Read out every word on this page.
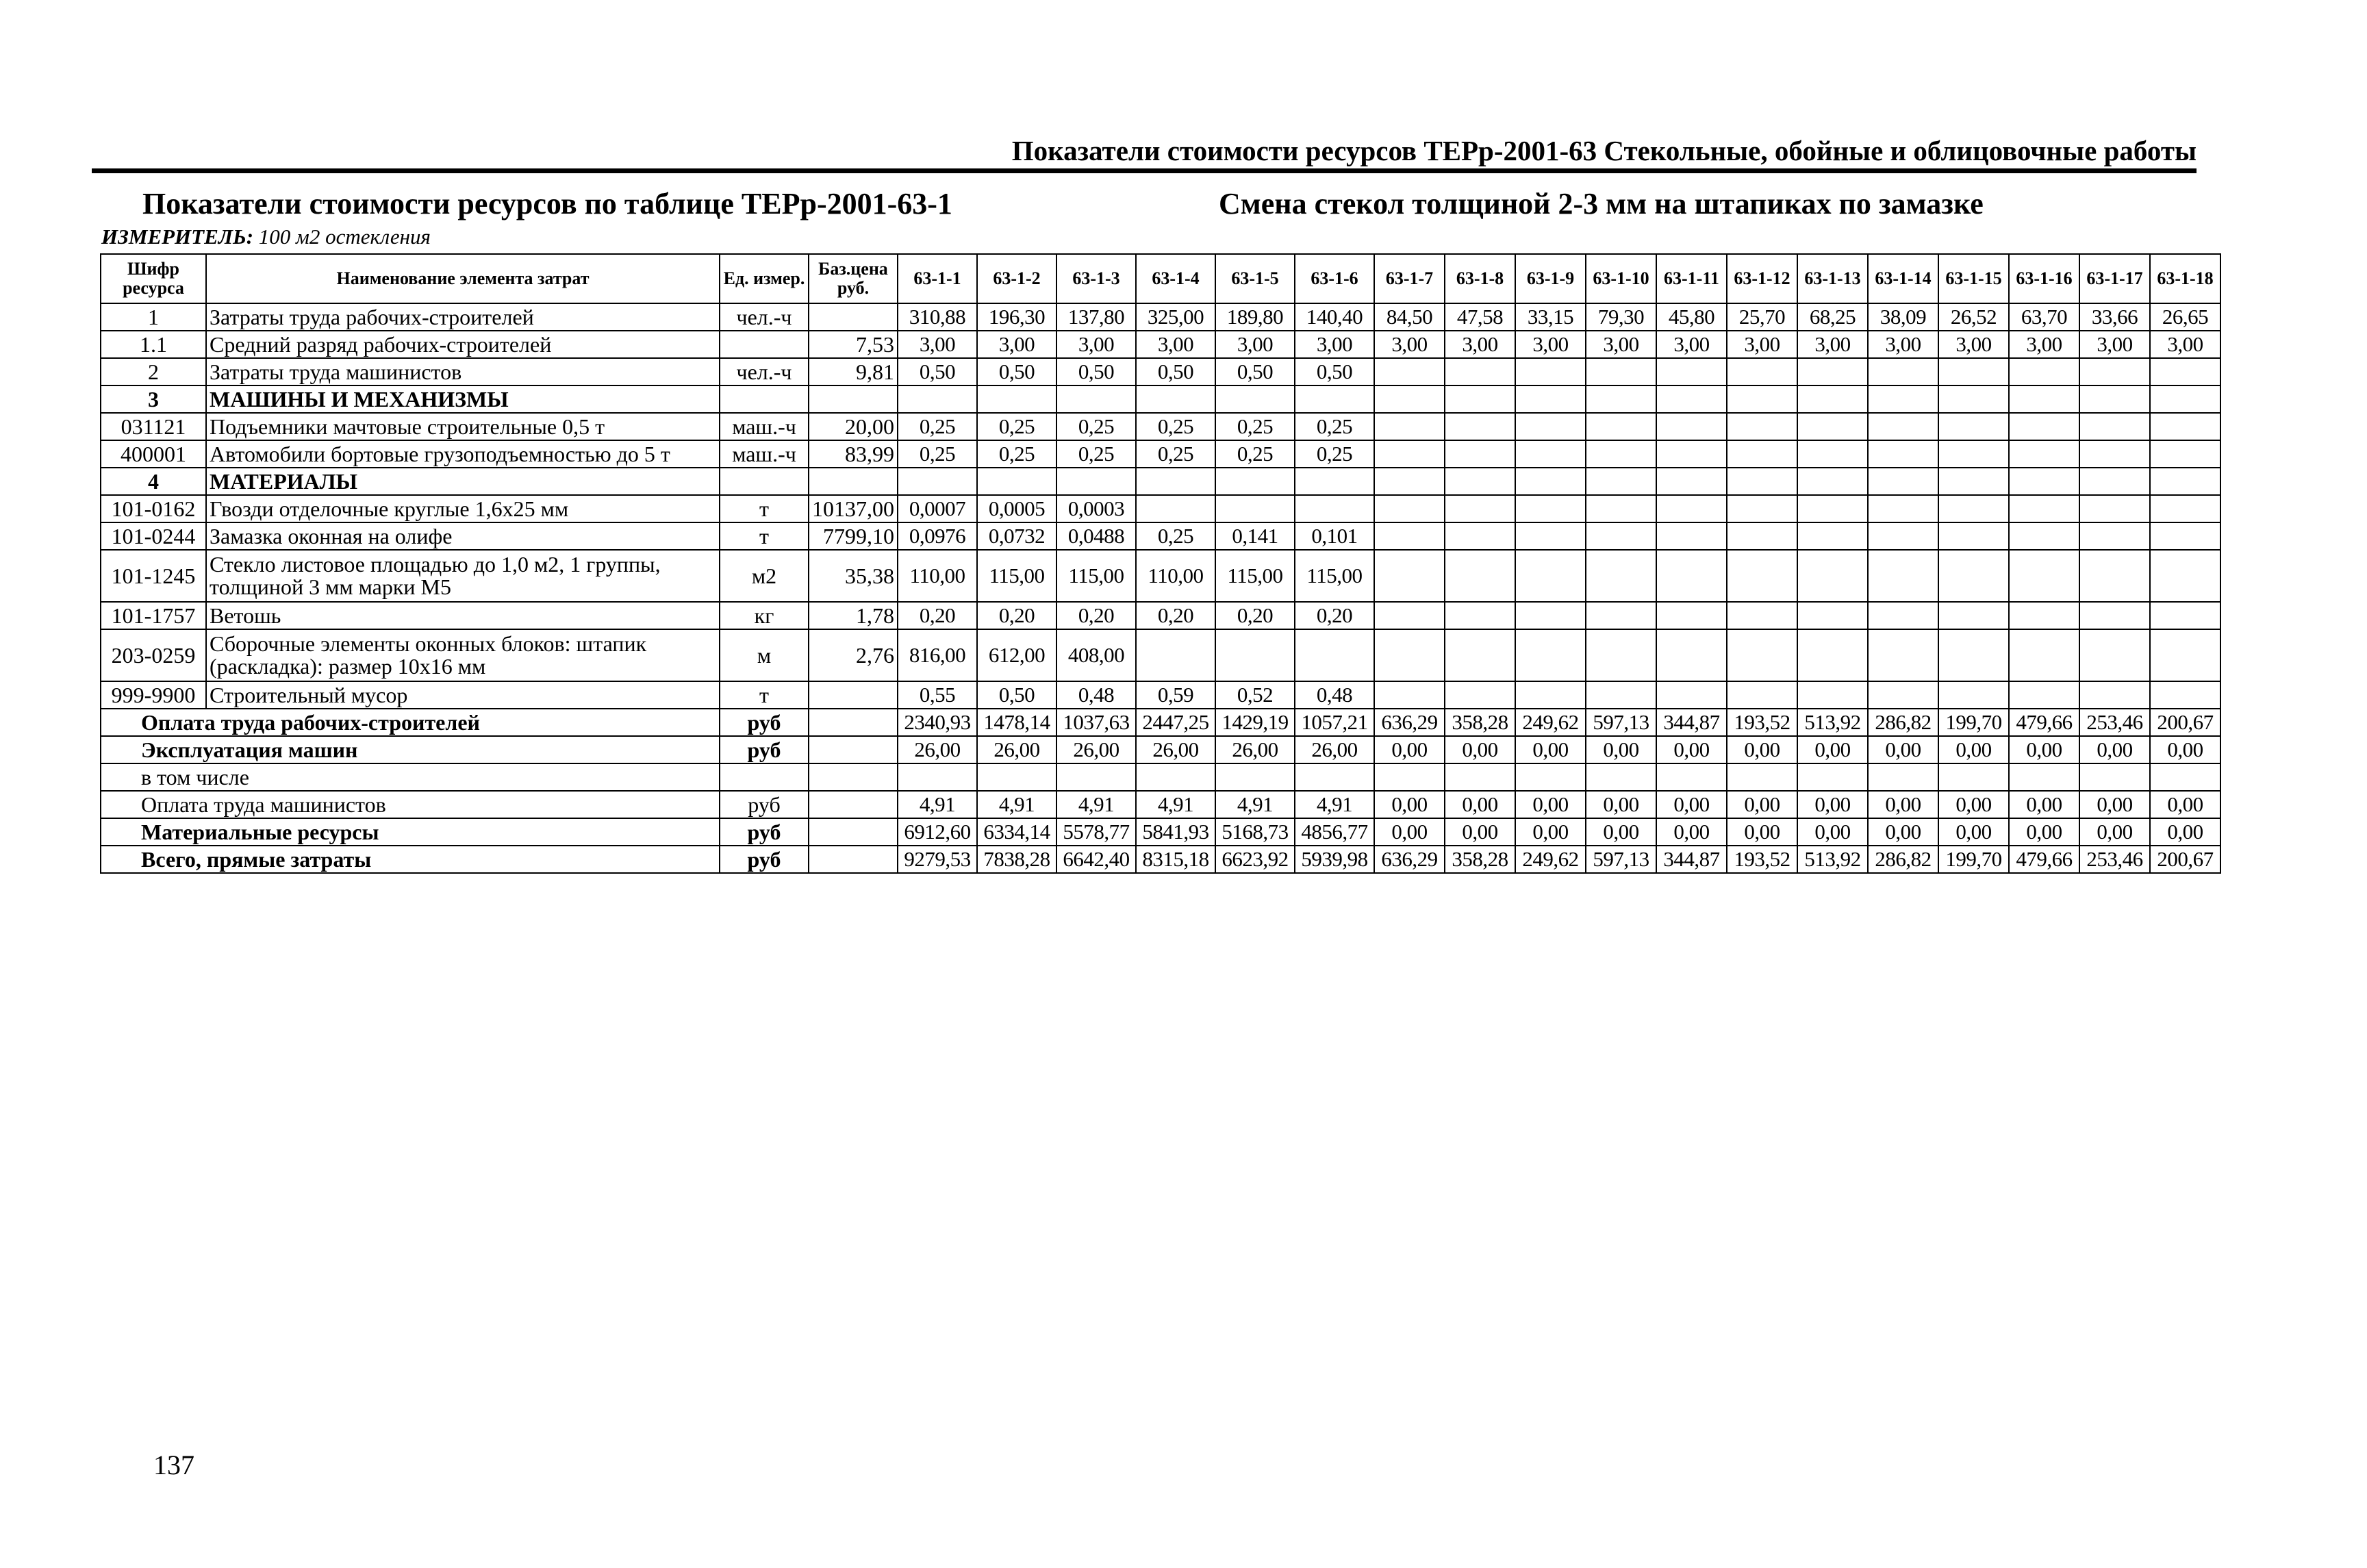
Показатели стоимости ресурсов ТЕРр-2001-63 Стекольные, обойные и облицовочные работы
Показатели стоимости ресурсов по таблице ТЕРр-2001-63-1	Смена стекол толщиной 2-3 мм на штапиках по замазке
ИЗМЕРИТЕЛЬ: 100 м2 остекления
Шифр ресурса	Наименование элемента затрат	Ед. измер.	Баз.цена руб.	63-1-1	63-1-2	63-1-3	63-1-4	63-1-5	63-1-6	63-1-7	63-1-8	63-1-9	63-1-10	63-1-11	63-1-12	63-1-13	63-1-14	63-1-15	63-1-16	63-1-17	63-1-18
1	Затраты труда рабочих-строителей	чел.-ч		310,88	196,30	137,80	325,00	189,80	140,40	84,50	47,58	33,15	79,30	45,80	25,70	68,25	38,09	26,52	63,70	33,66	26,65
1.1	Средний разряд рабочих-строителей		7,53	3,00	3,00	3,00	3,00	3,00	3,00	3,00	3,00	3,00	3,00	3,00	3,00	3,00	3,00	3,00	3,00	3,00	3,00
2	Затраты труда машинистов	чел.-ч	9,81	0,50	0,50	0,50	0,50	0,50	0,50												
3	МАШИНЫ И МЕХАНИЗМЫ																				
031121	Подъемники мачтовые строительные 0,5 т	маш.-ч	20,00	0,25	0,25	0,25	0,25	0,25	0,25												
400001	Автомобили бортовые грузоподъемностью до 5 т	маш.-ч	83,99	0,25	0,25	0,25	0,25	0,25	0,25												
4	МАТЕРИАЛЫ																				
101-0162	Гвозди отделочные круглые 1,6х25 мм	т	10137,00	0,0007	0,0005	0,0003															
101-0244	Замазка оконная на олифе	т	7799,10	0,0976	0,0732	0,0488	0,25	0,141	0,101												
101-1245	Стекло листовое площадью до 1,0 м2, 1 группы, толщиной 3 мм марки М5	м2	35,38	110,00	115,00	115,00	110,00	115,00	115,00												
101-1757	Ветошь	кг	1,78	0,20	0,20	0,20	0,20	0,20	0,20												
203-0259	Сборочные элементы оконных блоков: штапик (раскладка): размер 10х16 мм	м	2,76	816,00	612,00	408,00															
999-9900	Строительный мусор	т		0,55	0,50	0,48	0,59	0,52	0,48												
Оплата труда рабочих-строителей		руб		2340,93	1478,14	1037,63	2447,25	1429,19	1057,21	636,29	358,28	249,62	597,13	344,87	193,52	513,92	286,82	199,70	479,66	253,46	200,67
Эксплуатация машин		руб		26,00	26,00	26,00	26,00	26,00	26,00	0,00	0,00	0,00	0,00	0,00	0,00	0,00	0,00	0,00	0,00	0,00	0,00
в том числе																					
Оплата труда машинистов		руб		4,91	4,91	4,91	4,91	4,91	4,91	0,00	0,00	0,00	0,00	0,00	0,00	0,00	0,00	0,00	0,00	0,00	0,00
Материальные ресурсы		руб		6912,60	6334,14	5578,77	5841,93	5168,73	4856,77	0,00	0,00	0,00	0,00	0,00	0,00	0,00	0,00	0,00	0,00	0,00	0,00
Всего, прямые затраты		руб		9279,53	7838,28	6642,40	8315,18	6623,92	5939,98	636,29	358,28	249,62	597,13	344,87	193,52	513,92	286,82	199,70	479,66	253,46	200,67
137
